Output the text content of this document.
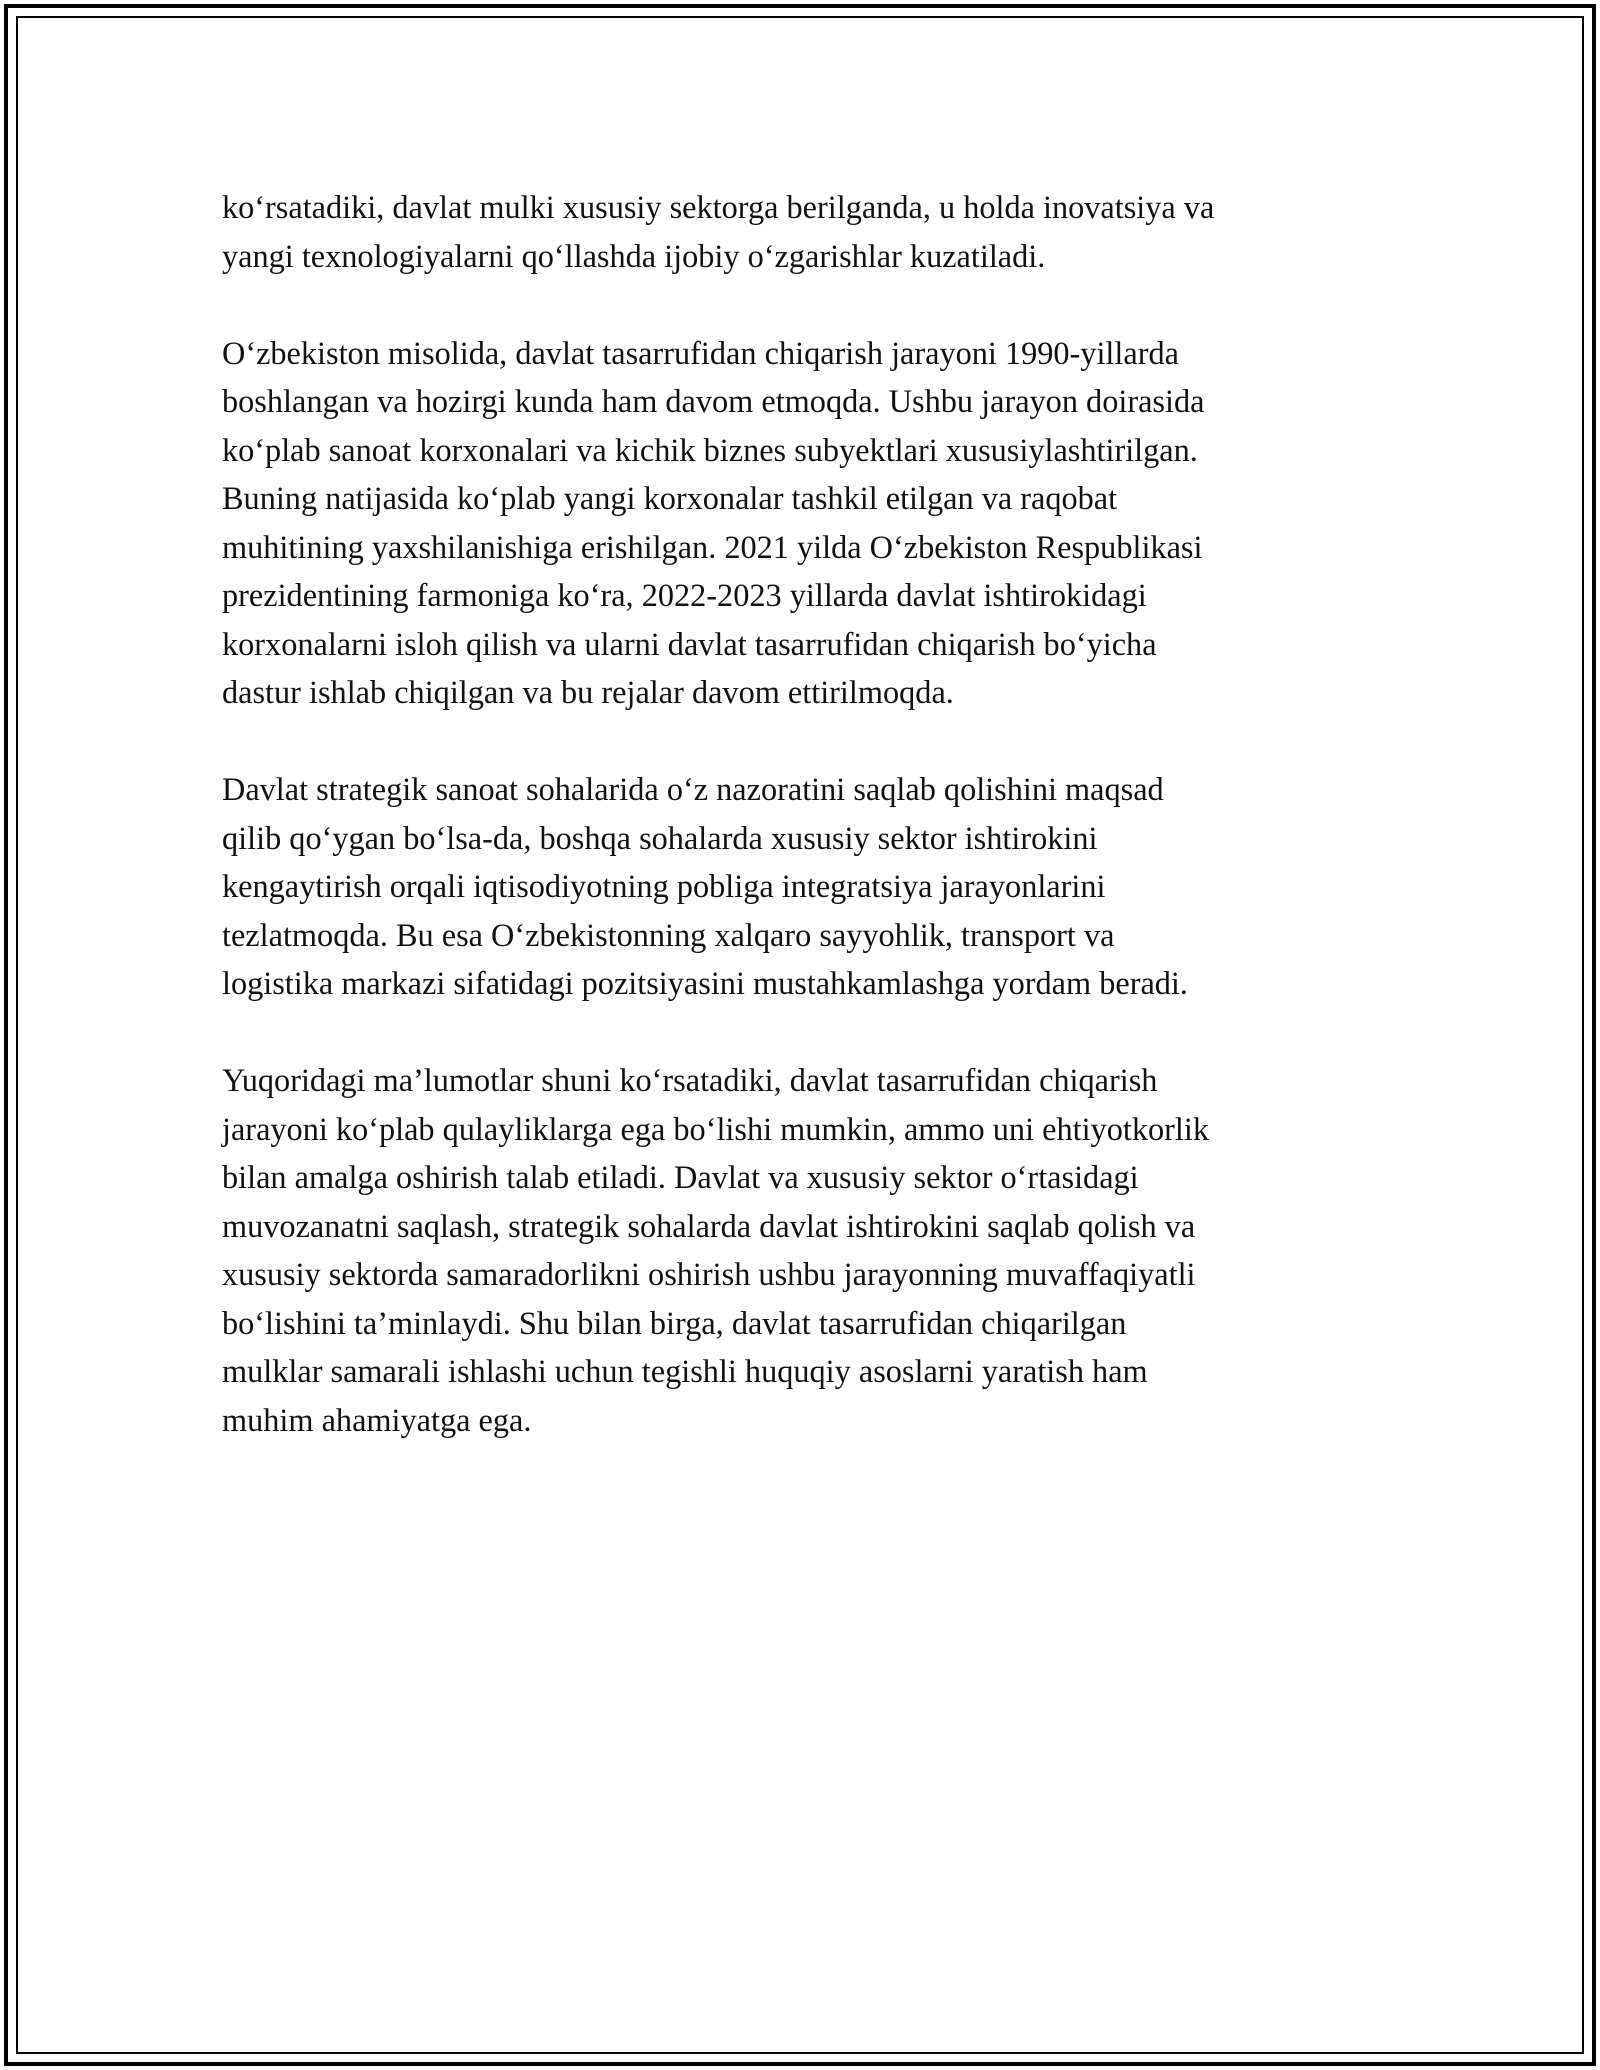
ko‘rsatadiki, davlat mulki xususiy sektorga berilganda, u holda inovatsiya va
yangi texnologiyalarni qo‘llashda ijobiy o‘zgarishlar kuzatiladi.

O‘zbekiston misolida, davlat tasarrufidan chiqarish jarayoni 1990-yillarda
boshlangan va hozirgi kunda ham davom etmoqda. Ushbu jarayon doirasida
ko‘plab sanoat korxonalari va kichik biznes subyektlari xususiylashtirilgan.
Buning natijasida ko‘plab yangi korxonalar tashkil etilgan va raqobat
muhitining yaxshilanishiga erishilgan. 2021 yilda O‘zbekiston Respublikasi
prezidentining farmoniga ko‘ra, 2022-2023 yillarda davlat ishtirokidagi
korxonalarni isloh qilish va ularni davlat tasarrufidan chiqarish bo‘yicha
dastur ishlab chiqilgan va bu rejalar davom ettirilmoqda.

Davlat strategik sanoat sohalarida o‘z nazoratini saqlab qolishini maqsad
qilib qo‘ygan bo‘lsa-da, boshqa sohalarda xususiy sektor ishtirokini
kengaytirish orqali iqtisodiyotning pobliga integratsiya jarayonlarini
tezlatmoqda. Bu esa O‘zbekistonning xalqaro sayyohlik, transport va
logistika markazi sifatidagi pozitsiyasini mustahkamlashga yordam beradi.

Yuqoridagi ma’lumotlar shuni ko‘rsatadiki, davlat tasarrufidan chiqarish
jarayoni ko‘plab qulayliklarga ega bo‘lishi mumkin, ammo uni ehtiyotkorlik
bilan amalga oshirish talab etiladi. Davlat va xususiy sektor o‘rtasidagi
muvozanatni saqlash, strategik sohalarda davlat ishtirokini saqlab qolish va
xususiy sektorda samaradorlikni oshirish ushbu jarayonning muvaffaqiyatli
bo‘lishini ta’minlaydi. Shu bilan birga, davlat tasarrufidan chiqarilgan
mulklar samarali ishlashi uchun tegishli huquqiy asoslarni yaratish ham
muhim ahamiyatga ega.
